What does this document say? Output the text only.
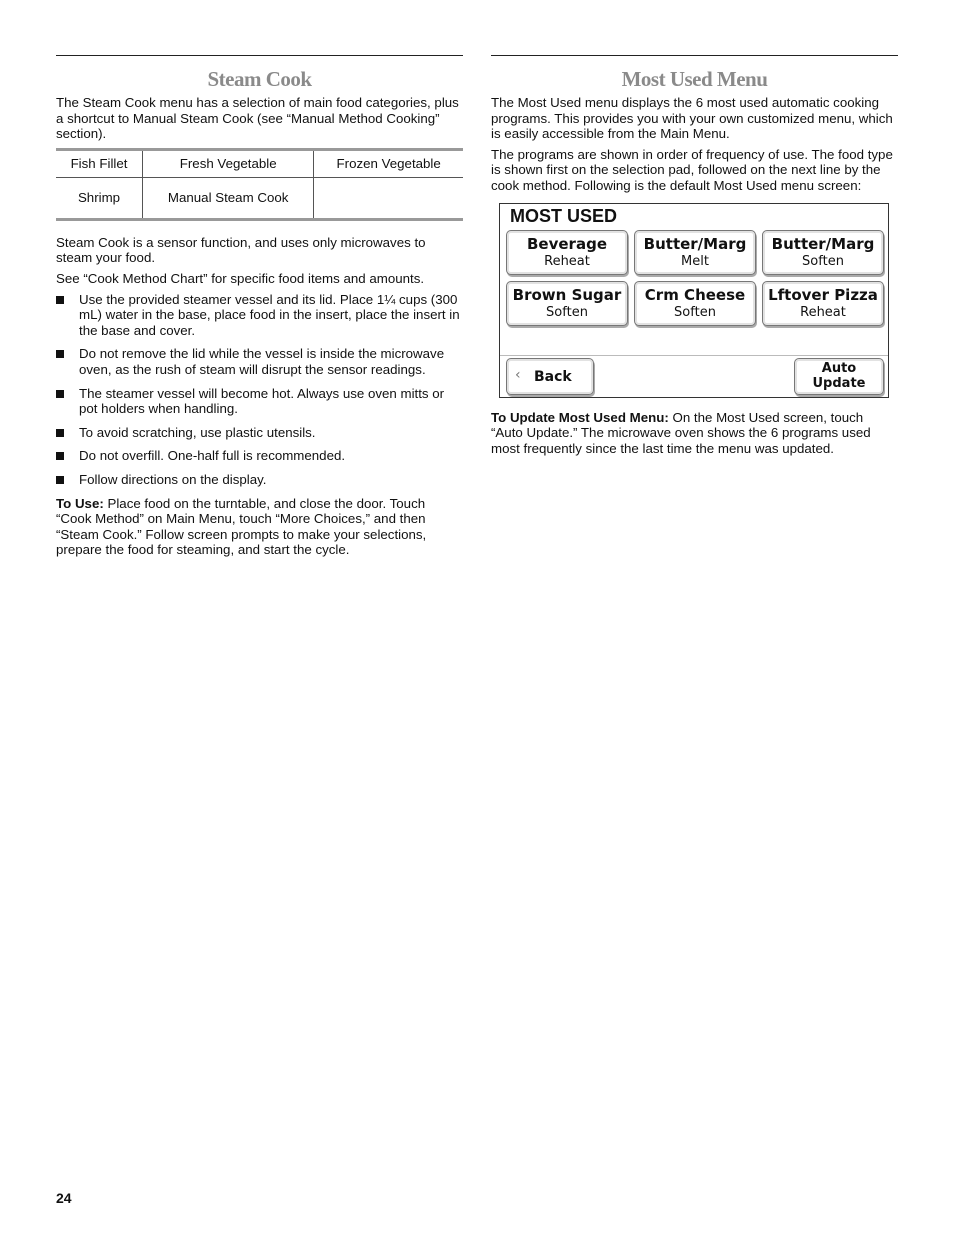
Steam Cook

The Steam Cook menu has a selection of main food categories, plus a shortcut to Manual Steam Cook (see “Manual Method Cooking” section).

Fish Fillet	Fresh Vegetable	Frozen Vegetable
Shrimp	Manual Steam Cook	

Steam Cook is a sensor function, and uses only microwaves to steam your food.

See “Cook Method Chart” for specific food items and amounts.

Use the provided steamer vessel and its lid. Place 1¼ cups (300 mL) water in the base, place food in the insert, place the insert in the base and cover.
Do not remove the lid while the vessel is inside the microwave oven, as the rush of steam will disrupt the sensor readings.
The steamer vessel will become hot. Always use oven mitts or pot holders when handling.
To avoid scratching, use plastic utensils.
Do not overfill. One-half full is recommended.
Follow directions on the display.

To Use: Place food on the turntable, and close the door. Touch “Cook Method” on Main Menu, touch “More Choices,” and then “Steam Cook.” Follow screen prompts to make your selections, prepare the food for steaming, and start the cycle.

Most Used Menu

The Most Used menu displays the 6 most used automatic cooking programs. This provides you with your own customized menu, which is easily accessible from the Main Menu.

The programs are shown in order of frequency of use. The food type is shown first on the selection pad, followed on the next line by the cook method. Following is the default Most Used menu screen:

MOST USED
Beverage
Reheat
Butter/Marg
Melt
Butter/Marg
Soften
Brown Sugar
Soften
Crm Cheese
Soften
Lftover Pizza
Reheat
‹ Back
Auto
Update

To Update Most Used Menu: On the Most Used screen, touch “Auto Update.” The microwave oven shows the 6 programs used most frequently since the last time the menu was updated.

24
